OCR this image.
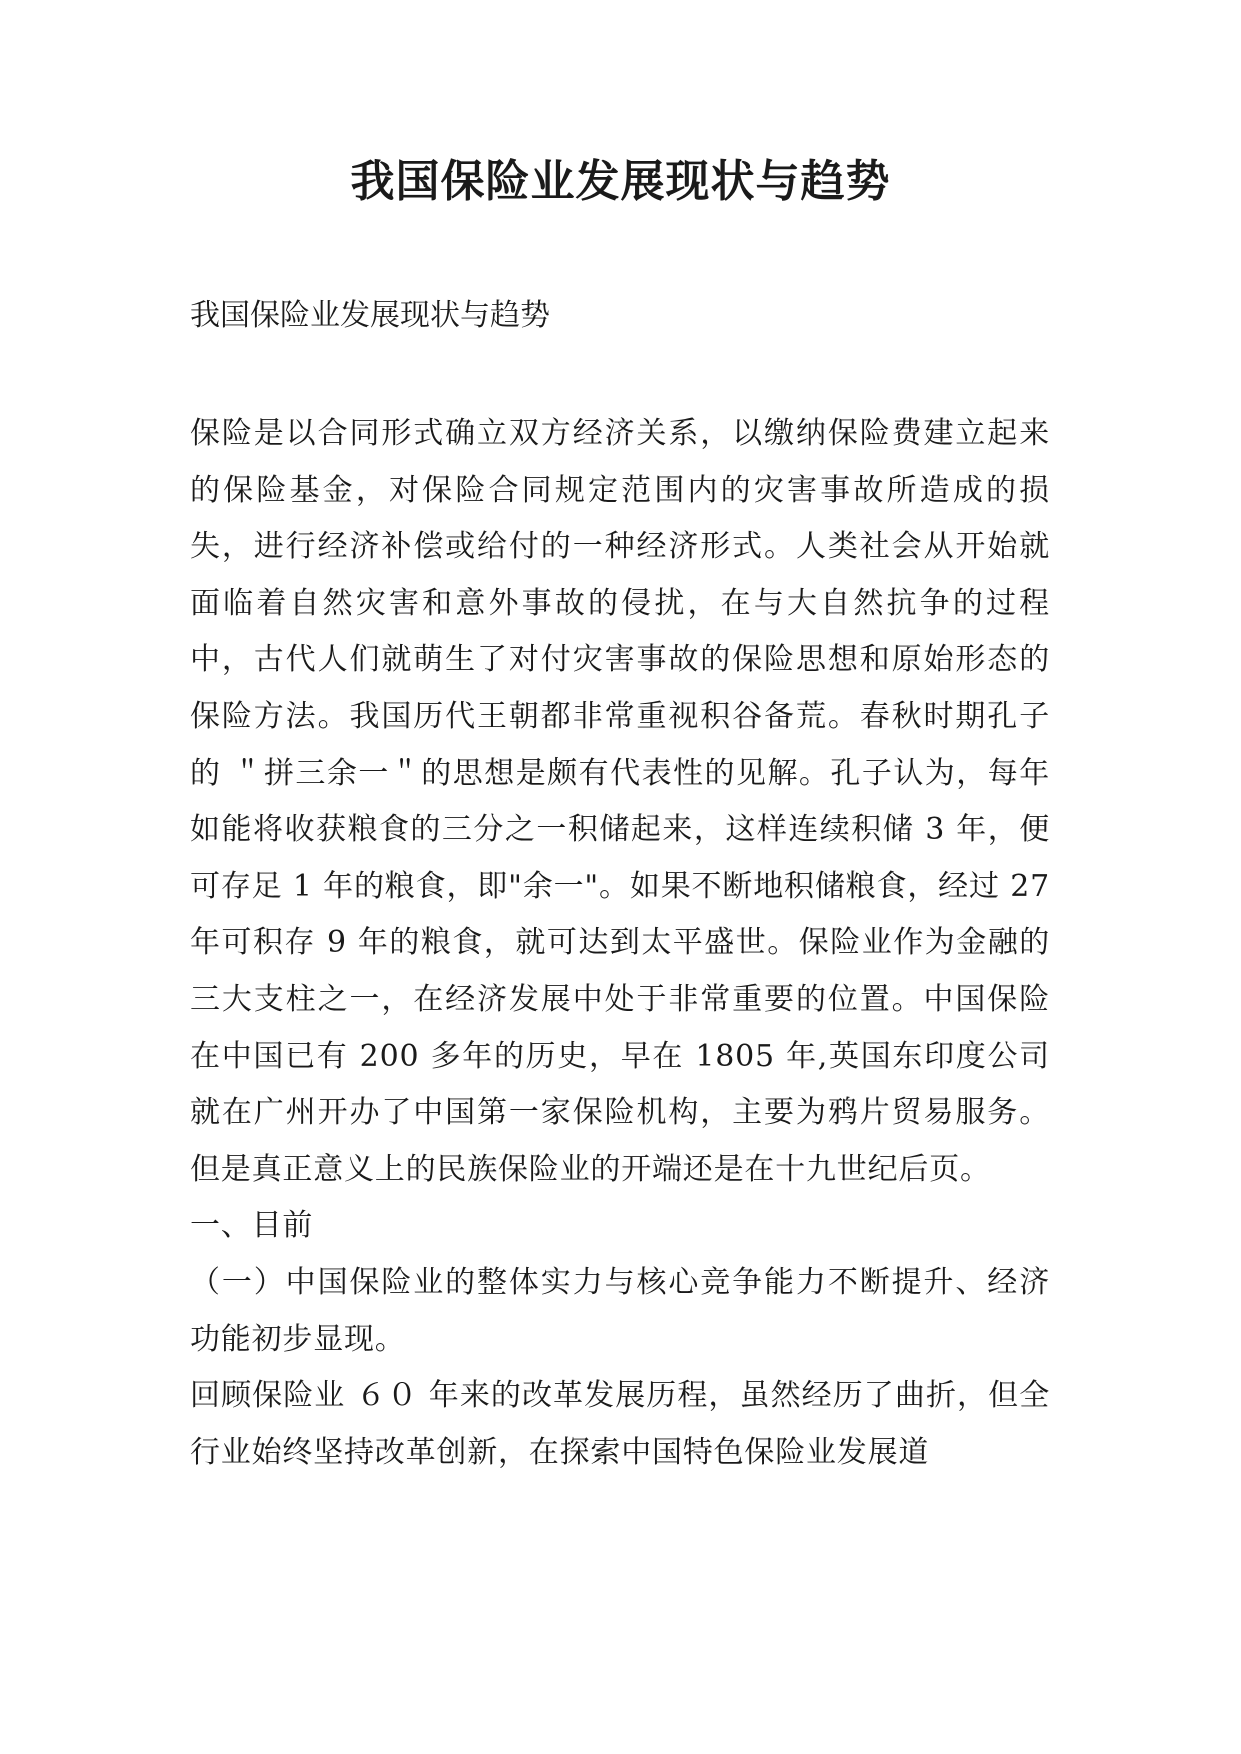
我国保险业发展现状与趋势

我国保险业发展现状与趋势

保险是以合同形式确立双方经济关系，以缴纳保险费建立起来的保险基金，对保险合同规定范围内的灾害事故所造成的损失，进行经济补偿或给付的一种经济形式。人类社会从开始就面临着自然灾害和意外事故的侵扰，在与大自然抗争的过程中，古代人们就萌生了对付灾害事故的保险思想和原始形态的保险方法。我国历代王朝都非常重视积谷备荒。春秋时期孔子的 ＂拼三余一＂的思想是颇有代表性的见解。孔子认为，每年如能将收获粮食的三分之一积储起来，这样连续积储 3 年，便可存足 1 年的粮食，即"余一"。如果不断地积储粮食，经过 27 年可积存 9 年的粮食，就可达到太平盛世。保险业作为金融的三大支柱之一，在经济发展中处于非常重要的位置。中国保险在中国已有 200 多年的历史，早在 1805 年,英国东印度公司就在广州开办了中国第一家保险机构，主要为鸦片贸易服务。但是真正意义上的民族保险业的开端还是在十九世纪后页。

一、目前

（一）中国保险业的整体实力与核心竞争能力不断提升、经济功能初步显现。

回顾保险业 ６０ 年来的改革发展历程，虽然经历了曲折，但全行业始终坚持改革创新，在探索中国特色保险业发展道
